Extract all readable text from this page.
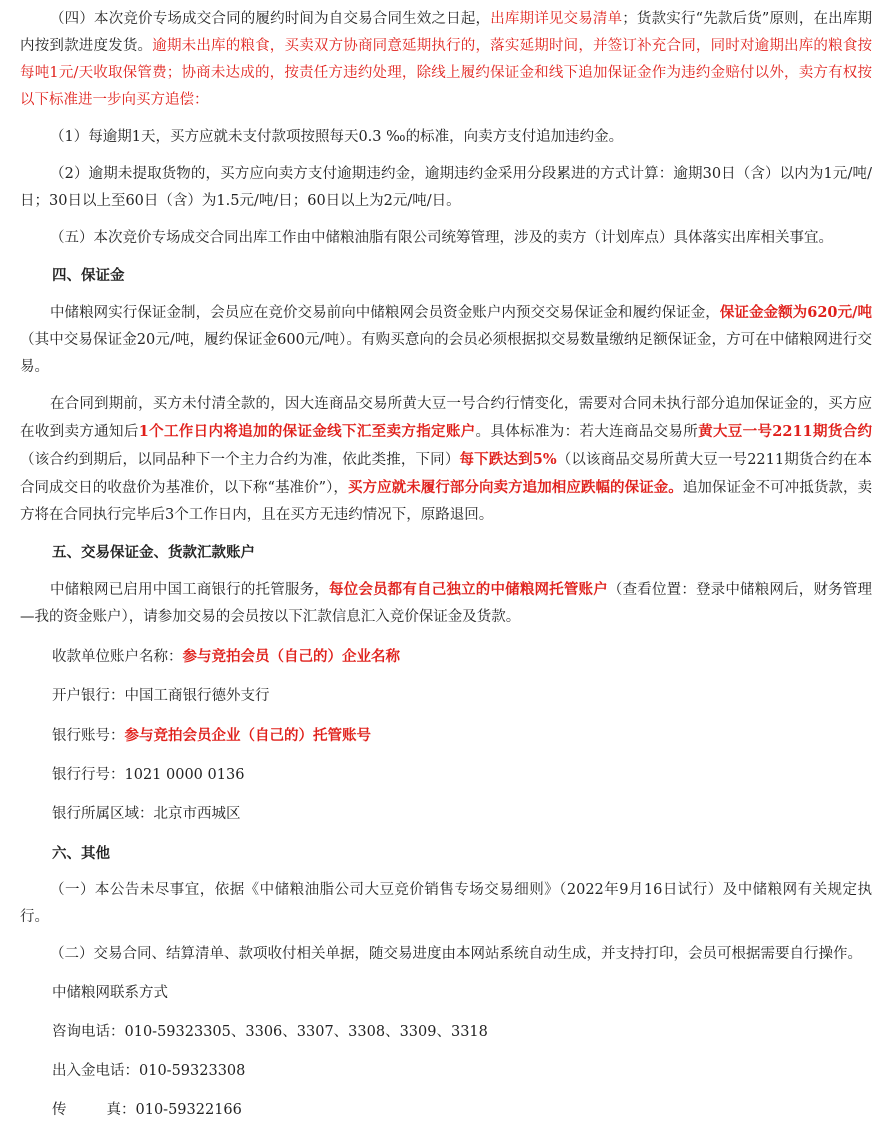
（四）本次竞价专场成交合同的履约时间为自交易合同生效之日起，出库期详见交易清单；货款实行“先款后货”原则，在出库期内按到款进度发货。逾期未出库的粮食，买卖双方协商同意延期执行的，落实延期时间，并签订补充合同，同时对逾期出库的粮食按每吨1元/天收取保管费；协商未达成的，按责任方违约处理，除线上履约保证金和线下追加保证金作为违约金赔付以外，卖方有权按以下标准进一步向买方追偿：

（1）每逾期1天，买方应就未支付款项按照每天0.3 ‰的标准，向卖方支付追加违约金。

（2）逾期未提取货物的，买方应向卖方支付逾期违约金，逾期违约金采用分段累进的方式计算：逾期30日（含）以内为1元/吨/日；30日以上至60日（含）为1.5元/吨/日；60日以上为2元/吨/日。

（五）本次竞价专场成交合同出库工作由中储粮油脂有限公司统筹管理，涉及的卖方（计划库点）具体落实出库相关事宜。

四、保证金

中储粮网实行保证金制，会员应在竞价交易前向中储粮网会员资金账户内预交交易保证金和履约保证金，保证金金额为620元/吨（其中交易保证金20元/吨，履约保证金600元/吨）。有购买意向的会员必须根据拟交易数量缴纳足额保证金，方可在中储粮网进行交易。

在合同到期前，买方未付清全款的，因大连商品交易所黄大豆一号合约行情变化，需要对合同未执行部分追加保证金的，买方应在收到卖方通知后1个工作日内将追加的保证金线下汇至卖方指定账户。具体标准为：若大连商品交易所黄大豆一号2211期货合约（该合约到期后，以同品种下一个主力合约为准，依此类推，下同）每下跌达到5%（以该商品交易所黄大豆一号2211期货合约在本合同成交日的收盘价为基准价，以下称“基准价”），买方应就未履行部分向卖方追加相应跌幅的保证金。追加保证金不可冲抵货款，卖方将在合同执行完毕后3个工作日内，且在买方无违约情况下，原路退回。

五、交易保证金、货款汇款账户

中储粮网已启用中国工商银行的托管服务，每位会员都有自己独立的中储粮网托管账户（查看位置：登录中储粮网后，财务管理—我的资金账户），请参加交易的会员按以下汇款信息汇入竞价保证金及货款。

收款单位账户名称：参与竞拍会员（自己的）企业名称

开户银行：中国工商银行德外支行

银行账号：参与竞拍会员企业（自己的）托管账号

银行行号：1021 0000 0136

银行所属区域：北京市西城区

六、其他

（一）本公告未尽事宜，依据《中储粮油脂公司大豆竞价销售专场交易细则》（2022年9月16日试行）及中储粮网有关规定执行。

（二）交易合同、结算清单、款项收付相关单据，随交易进度由本网站系统自动生成，并支持打印，会员可根据需要自行操作。

中储粮网联系方式

咨询电话：010-59323305、3306、3307、3308、3309、3318

出入金电话：010-59323308

传	真：010-59322166
